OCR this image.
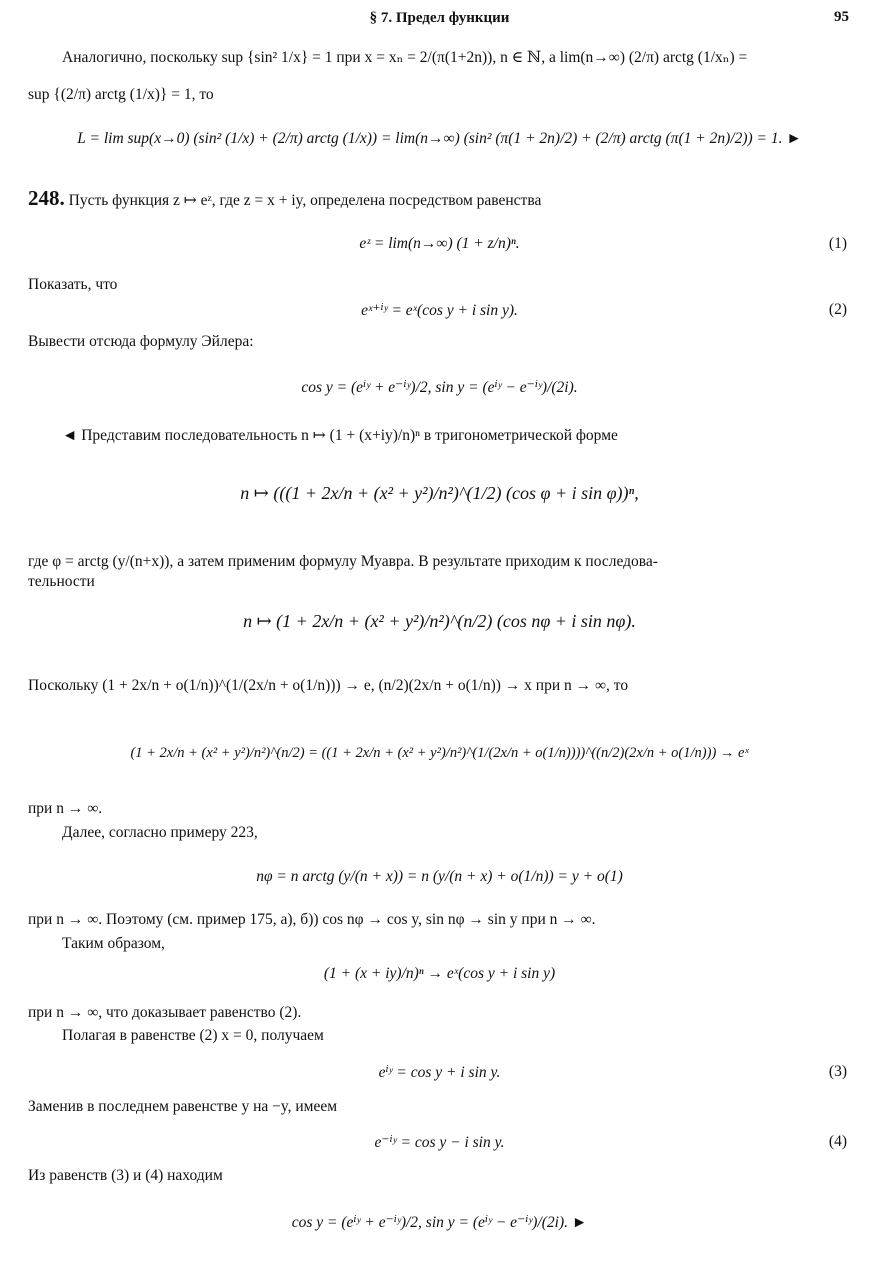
§ 7. Предел функции	95
Аналогично, поскольку sup {sin² 1/x} = 1 при x = xₙ = 2/(π(1+2n)), n ∈ ℕ, а lim(n→∞) (2/π) arctg (1/xₙ) =
sup {(2/π) arctg (1/x)} = 1, то
L = lim sup(x→0) (sin² (1/x) + (2/π) arctg (1/x)) = lim(n→∞) (sin² (π(1 + 2n)/2) + (2/π) arctg (π(1 + 2n)/2)) = 1. ►
248. Пусть функция z ↦ eᶻ, где z = x + iy, определена посредством равенства
eᶻ = lim(n→∞) (1 + z/n)ⁿ.	(1)
Показать, что
eˣ⁺ⁱʸ = eˣ(cos y + i sin y).	(2)
Вывести отсюда формулу Эйлера:
cos y = (eⁱʸ + e⁻ⁱʸ)/2, sin y = (eⁱʸ − e⁻ⁱʸ)/(2i).
◄ Представим последовательность n ↦ (1 + (x+iy)/n)ⁿ в тригонометрической форме
n ↦ (((1 + 2x/n + (x² + y²)/n²)^(1/2) (cos φ + i sin φ))ⁿ,
где φ = arctg (y/(n+x)), а затем применим формулу Муавра. В результате приходим к последова-
тельности
n ↦ (1 + 2x/n + (x² + y²)/n²)^(n/2) (cos nφ + i sin nφ).
Поскольку (1 + 2x/n + o(1/n))^(1/(2x/n + o(1/n))) → e, (n/2)(2x/n + o(1/n)) → x при n → ∞, то
(1 + 2x/n + (x² + y²)/n²)^(n/2) = ((1 + 2x/n + (x² + y²)/n²)^(1/(2x/n + o(1/n))))^((n/2)(2x/n + o(1/n))) → eˣ
при n → ∞.
Далее, согласно примеру 223,
nφ = n arctg (y/(n + x)) = n (y/(n + x) + o(1/n)) = y + o(1)
при n → ∞. Поэтому (см. пример 175, а), б)) cos nφ → cos y, sin nφ → sin y при n → ∞.
Таким образом,
(1 + (x + iy)/n)ⁿ → eˣ(cos y + i sin y)
при n → ∞, что доказывает равенство (2).
Полагая в равенстве (2) x = 0, получаем
eⁱʸ = cos y + i sin y.	(3)
Заменив в последнем равенстве y на −y, имеем
e⁻ⁱʸ = cos y − i sin y.	(4)
Из равенств (3) и (4) находим
cos y = (eⁱʸ + e⁻ⁱʸ)/2, sin y = (eⁱʸ − e⁻ⁱʸ)/(2i). ►
